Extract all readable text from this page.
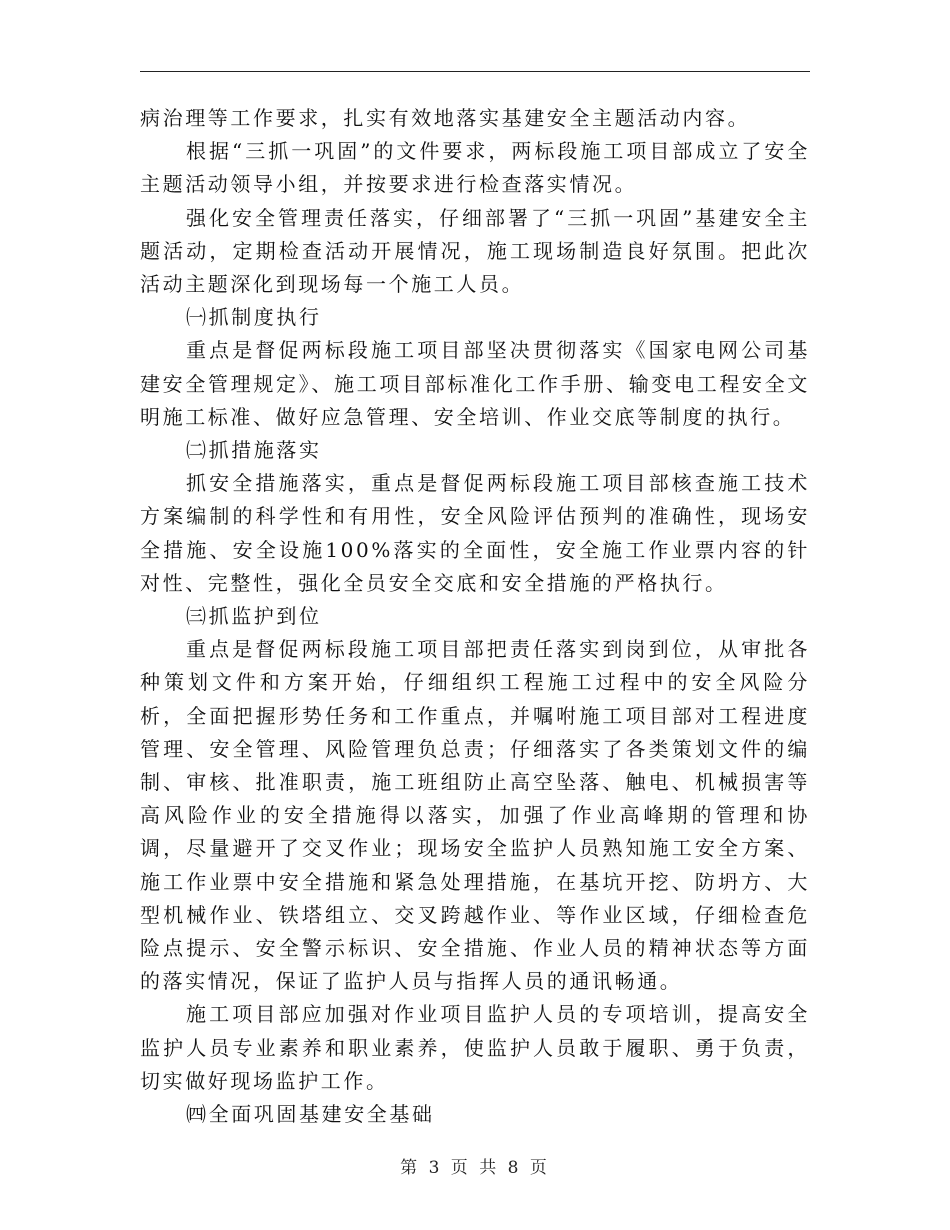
病治理等工作要求，扎实有效地落实基建安全主题活动内容。

根据“三抓一巩固”的文件要求，两标段施工项目部成立了安全主题活动领导小组，并按要求进行检查落实情况。

强化安全管理责任落实，仔细部署了“三抓一巩固”基建安全主题活动，定期检查活动开展情况，施工现场制造良好氛围。把此次活动主题深化到现场每一个施工人员。

㈠抓制度执行

重点是督促两标段施工项目部坚决贯彻落实《国家电网公司基建安全管理规定》、施工项目部标准化工作手册、输变电工程安全文明施工标准、做好应急管理、安全培训、作业交底等制度的执行。

㈡抓措施落实

抓安全措施落实，重点是督促两标段施工项目部核查施工技术方案编制的科学性和有用性，安全风险评估预判的准确性，现场安全措施、安全设施100%落实的全面性，安全施工作业票内容的针对性、完整性，强化全员安全交底和安全措施的严格执行。

㈢抓监护到位

重点是督促两标段施工项目部把责任落实到岗到位，从审批各种策划文件和方案开始，仔细组织工程施工过程中的安全风险分析，全面把握形势任务和工作重点，并嘱咐施工项目部对工程进度管理、安全管理、风险管理负总责；仔细落实了各类策划文件的编制、审核、批准职责，施工班组防止高空坠落、触电、机械损害等高风险作业的安全措施得以落实，加强了作业高峰期的管理和协调，尽量避开了交叉作业；现场安全监护人员熟知施工安全方案、施工作业票中安全措施和紧急处理措施，在基坑开挖、防坍方、大型机械作业、铁塔组立、交叉跨越作业、等作业区域，仔细检查危险点提示、安全警示标识、安全措施、作业人员的精神状态等方面的落实情况，保证了监护人员与指挥人员的通讯畅通。

施工项目部应加强对作业项目监护人员的专项培训，提高安全监护人员专业素养和职业素养，使监护人员敢于履职、勇于负责，切实做好现场监护工作。

㈣全面巩固基建安全基础

第 3 页 共 8 页
